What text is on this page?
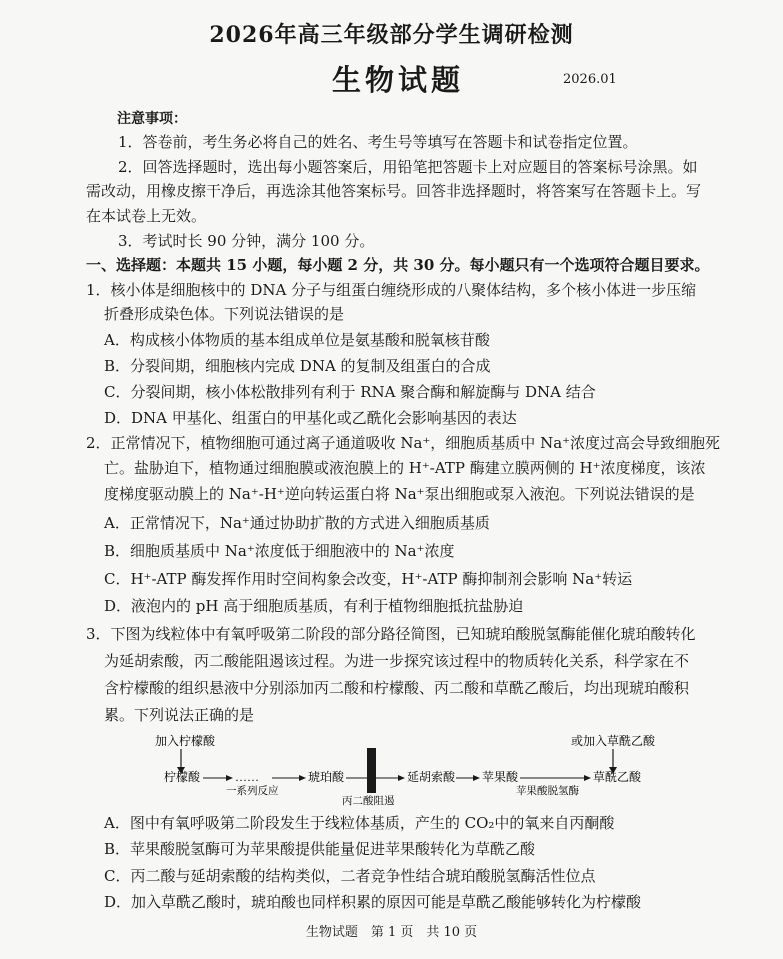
2026年高三年级部分学生调研检测
生物试题	2026.01
注意事项：
1．答卷前，考生务必将自己的姓名、考生号等填写在答题卡和试卷指定位置。
2．回答选择题时，选出每小题答案后，用铅笔把答题卡上对应题目的答案标号涂黑。如
需改动，用橡皮擦干净后，再选涂其他答案标号。回答非选择题时，将答案写在答题卡上。写
在本试卷上无效。
3．考试时长 90 分钟，满分 100 分。
一、选择题：本题共 15 小题，每小题 2 分，共 30 分。每小题只有一个选项符合题目要求。
1．核小体是细胞核中的 DNA 分子与组蛋白缠绕形成的八聚体结构，多个核小体进一步压缩
折叠形成染色体。下列说法错误的是
A．构成核小体物质的基本组成单位是氨基酸和脱氧核苷酸
B．分裂间期，细胞核内完成 DNA 的复制及组蛋白的合成
C．分裂间期，核小体松散排列有利于 RNA 聚合酶和解旋酶与 DNA 结合
D．DNA 甲基化、组蛋白的甲基化或乙酰化会影响基因的表达
2．正常情况下，植物细胞可通过离子通道吸收 Na⁺，细胞质基质中 Na⁺浓度过高会导致细胞死
亡。盐胁迫下，植物通过细胞膜或液泡膜上的 H⁺-ATP 酶建立膜两侧的 H⁺浓度梯度，该浓
度梯度驱动膜上的 Na⁺-H⁺逆向转运蛋白将 Na⁺泵出细胞或泵入液泡。下列说法错误的是
A．正常情况下，Na⁺通过协助扩散的方式进入细胞质基质
B．细胞质基质中 Na⁺浓度低于细胞液中的 Na⁺浓度
C．H⁺-ATP 酶发挥作用时空间构象会改变，H⁺-ATP 酶抑制剂会影响 Na⁺转运
D．液泡内的 pH 高于细胞质基质，有利于植物细胞抵抗盐胁迫
3．下图为线粒体中有氧呼吸第二阶段的部分路径简图，已知琥珀酸脱氢酶能催化琥珀酸转化
为延胡索酸，丙二酸能阻遏该过程。为进一步探究该过程中的物质转化关系，科学家在不
含柠檬酸的组织悬液中分别添加丙二酸和柠檬酸、丙二酸和草酰乙酸后，均出现琥珀酸积
累。下列说法正确的是
加入柠檬酸	或加入草酰乙酸
柠檬酸	……
一系列反应
琥珀酸
丙二酸阻遏
延胡索酸 苹果酸
苹果酸脱氢酶
草酰乙酸
A．图中有氧呼吸第二阶段发生于线粒体基质，产生的 CO₂中的氧来自丙酮酸
B．苹果酸脱氢酶可为苹果酸提供能量促进苹果酸转化为草酰乙酸
C．丙二酸与延胡索酸的结构类似，二者竞争性结合琥珀酸脱氢酶活性位点
D．加入草酰乙酸时，琥珀酸也同样积累的原因可能是草酰乙酸能够转化为柠檬酸
生物试题　第 1 页　共 10 页
